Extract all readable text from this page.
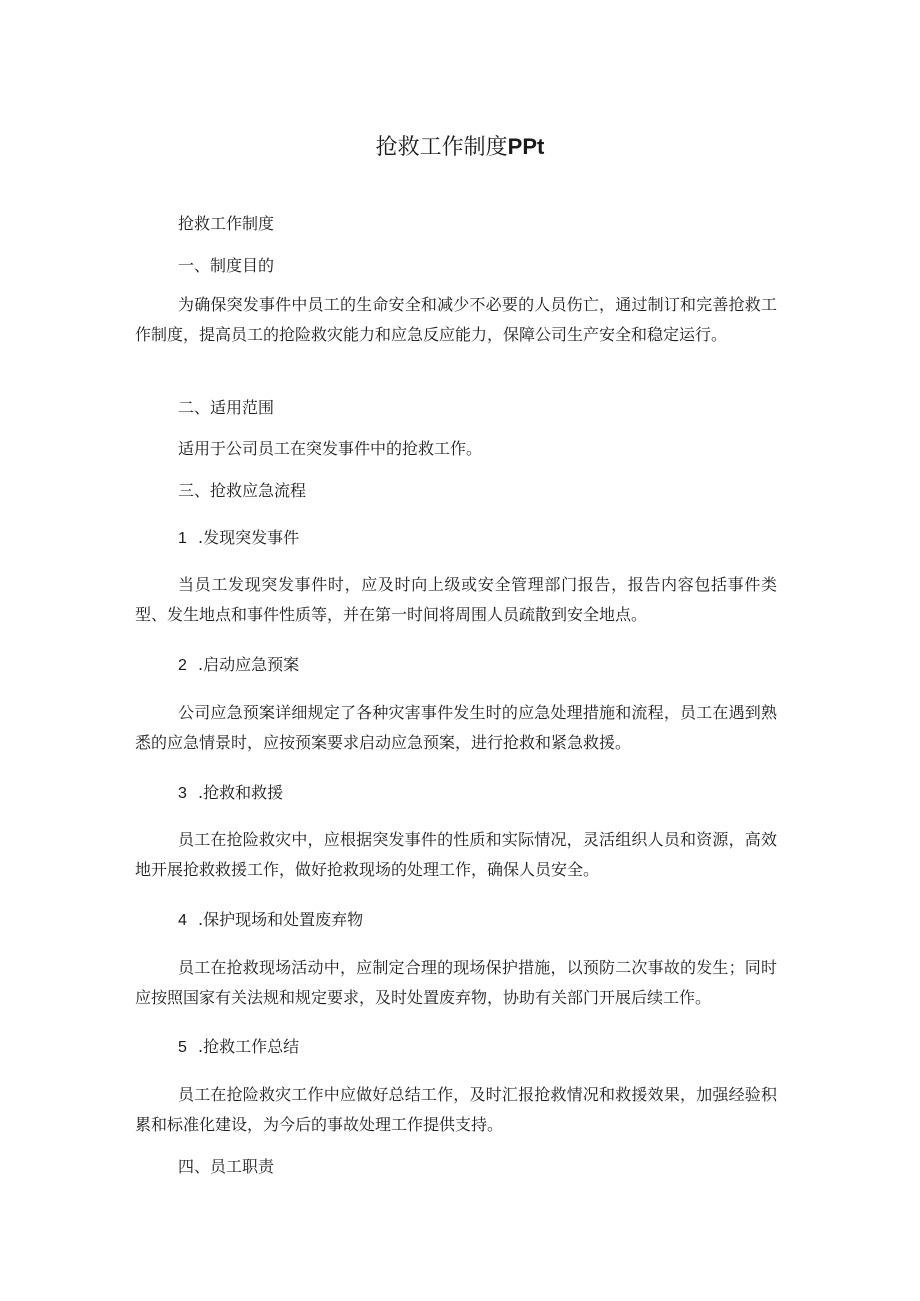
抢救工作制度PPt
抢救工作制度
一、制度目的
为确保突发事件中员工的生命安全和减少不必要的人员伤亡，通过制订和完善抢救工作制度，提高员工的抢险救灾能力和应急反应能力，保障公司生产安全和稳定运行。
二、适用范围
适用于公司员工在突发事件中的抢救工作。
三、抢救应急流程
1 .发现突发事件
当员工发现突发事件时，应及时向上级或安全管理部门报告，报告内容包括事件类型、发生地点和事件性质等，并在第一时间将周围人员疏散到安全地点。
2 .启动应急预案
公司应急预案详细规定了各种灾害事件发生时的应急处理措施和流程，员工在遇到熟悉的应急情景时，应按预案要求启动应急预案，进行抢救和紧急救援。
3 .抢救和救援
员工在抢险救灾中，应根据突发事件的性质和实际情况，灵活组织人员和资源，高效地开展抢救救援工作，做好抢救现场的处理工作，确保人员安全。
4 .保护现场和处置废弃物
员工在抢救现场活动中，应制定合理的现场保护措施，以预防二次事故的发生；同时应按照国家有关法规和规定要求，及时处置废弃物，协助有关部门开展后续工作。
5 .抢救工作总结
员工在抢险救灾工作中应做好总结工作，及时汇报抢救情况和救援效果，加强经验积累和标准化建设，为今后的事故处理工作提供支持。
四、员工职责
